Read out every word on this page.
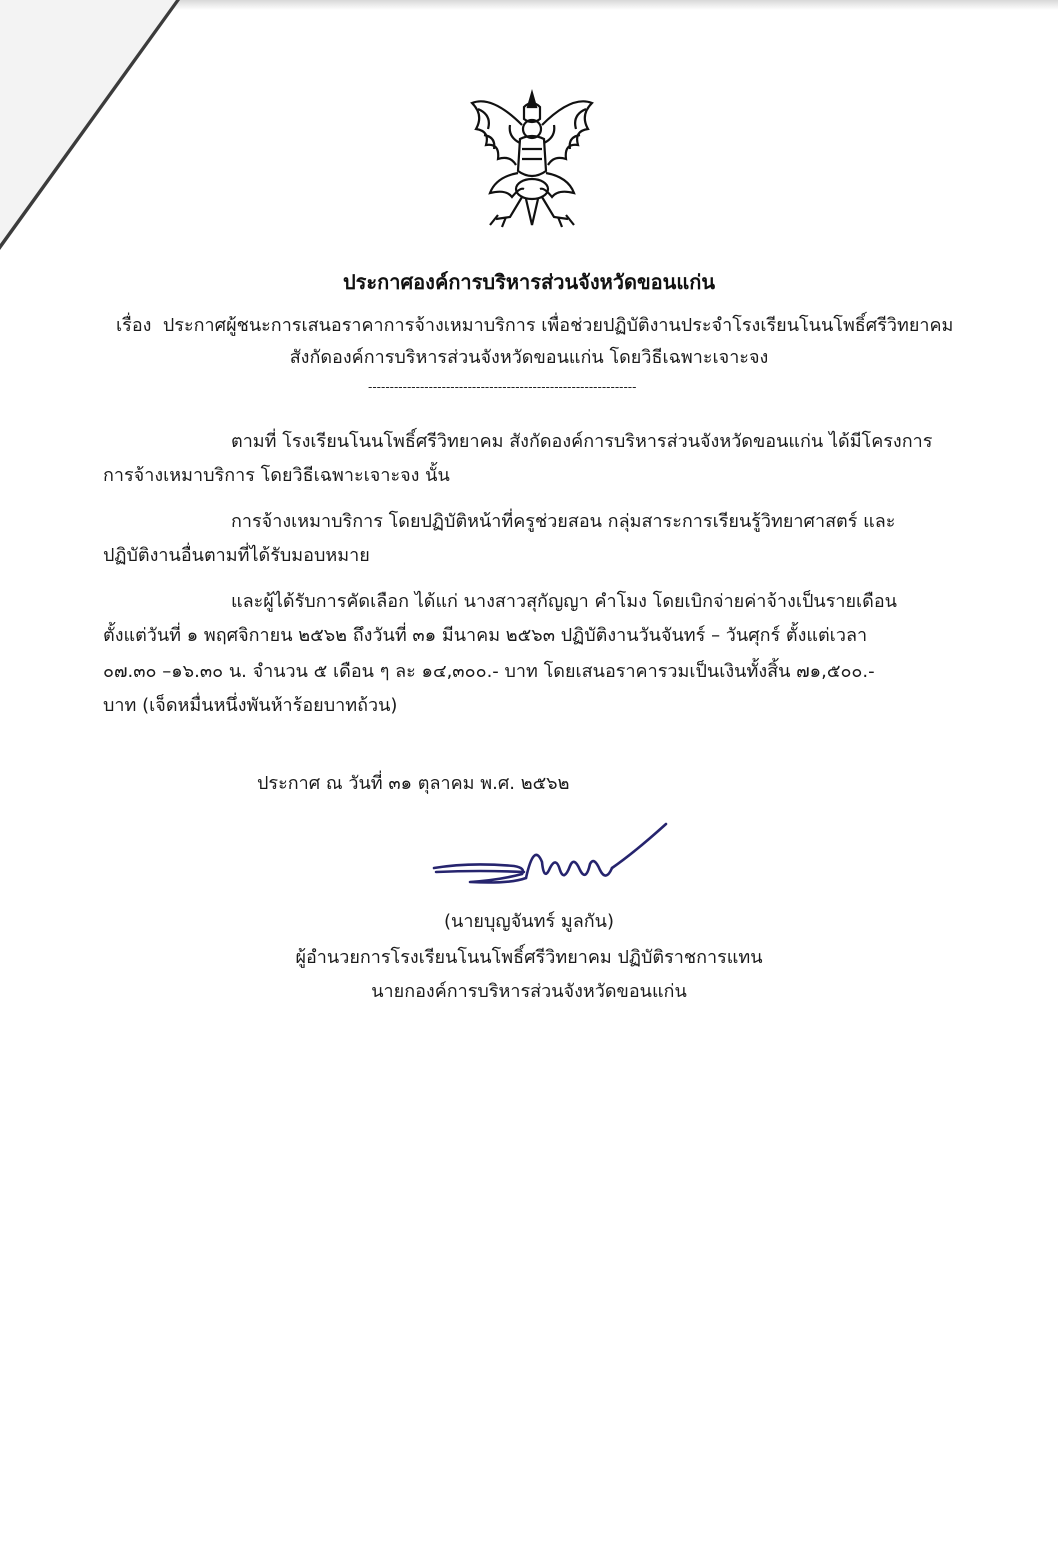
ประกาศองค์การบริหารส่วนจังหวัดขอนแก่น
เรื่อง ประกาศผู้ชนะการเสนอราคาการจ้างเหมาบริการ เพื่อช่วยปฏิบัติงานประจำโรงเรียนโนนโพธิ์ศรีวิทยาคม
สังกัดองค์การบริหารส่วนจังหวัดขอนแก่น โดยวิธีเฉพาะเจาะจง
--------------------------------------------------------------
ตามที่ โรงเรียนโนนโพธิ์ศรีวิทยาคม สังกัดองค์การบริหารส่วนจังหวัดขอนแก่น ได้มีโครงการ
การจ้างเหมาบริการ โดยวิธีเฉพาะเจาะจง นั้น
การจ้างเหมาบริการ โดยปฏิบัติหน้าที่ครูช่วยสอน กลุ่มสาระการเรียนรู้วิทยาศาสตร์ และ
ปฏิบัติงานอื่นตามที่ได้รับมอบหมาย
และผู้ได้รับการคัดเลือก ได้แก่ นางสาวสุกัญญา คำโมง โดยเบิกจ่ายค่าจ้างเป็นรายเดือน
ตั้งแต่วันที่ ๑ พฤศจิกายน ๒๕๖๒ ถึงวันที่ ๓๑ มีนาคม ๒๕๖๓ ปฏิบัติงานวันจันทร์ – วันศุกร์ ตั้งแต่เวลา
๐๗.๓๐ –๑๖.๓๐ น. จำนวน ๕ เดือน ๆ ละ ๑๔,๓๐๐.- บาท โดยเสนอราคารวมเป็นเงินทั้งสิ้น ๗๑,๕๐๐.-
บาท (เจ็ดหมื่นหนึ่งพันห้าร้อยบาทถ้วน)
ประกาศ ณ วันที่ ๓๑ ตุลาคม พ.ศ. ๒๕๖๒
(นายบุญจันทร์ มูลกัน)
ผู้อำนวยการโรงเรียนโนนโพธิ์ศรีวิทยาคม ปฏิบัติราชการแทน
นายกองค์การบริหารส่วนจังหวัดขอนแก่น
